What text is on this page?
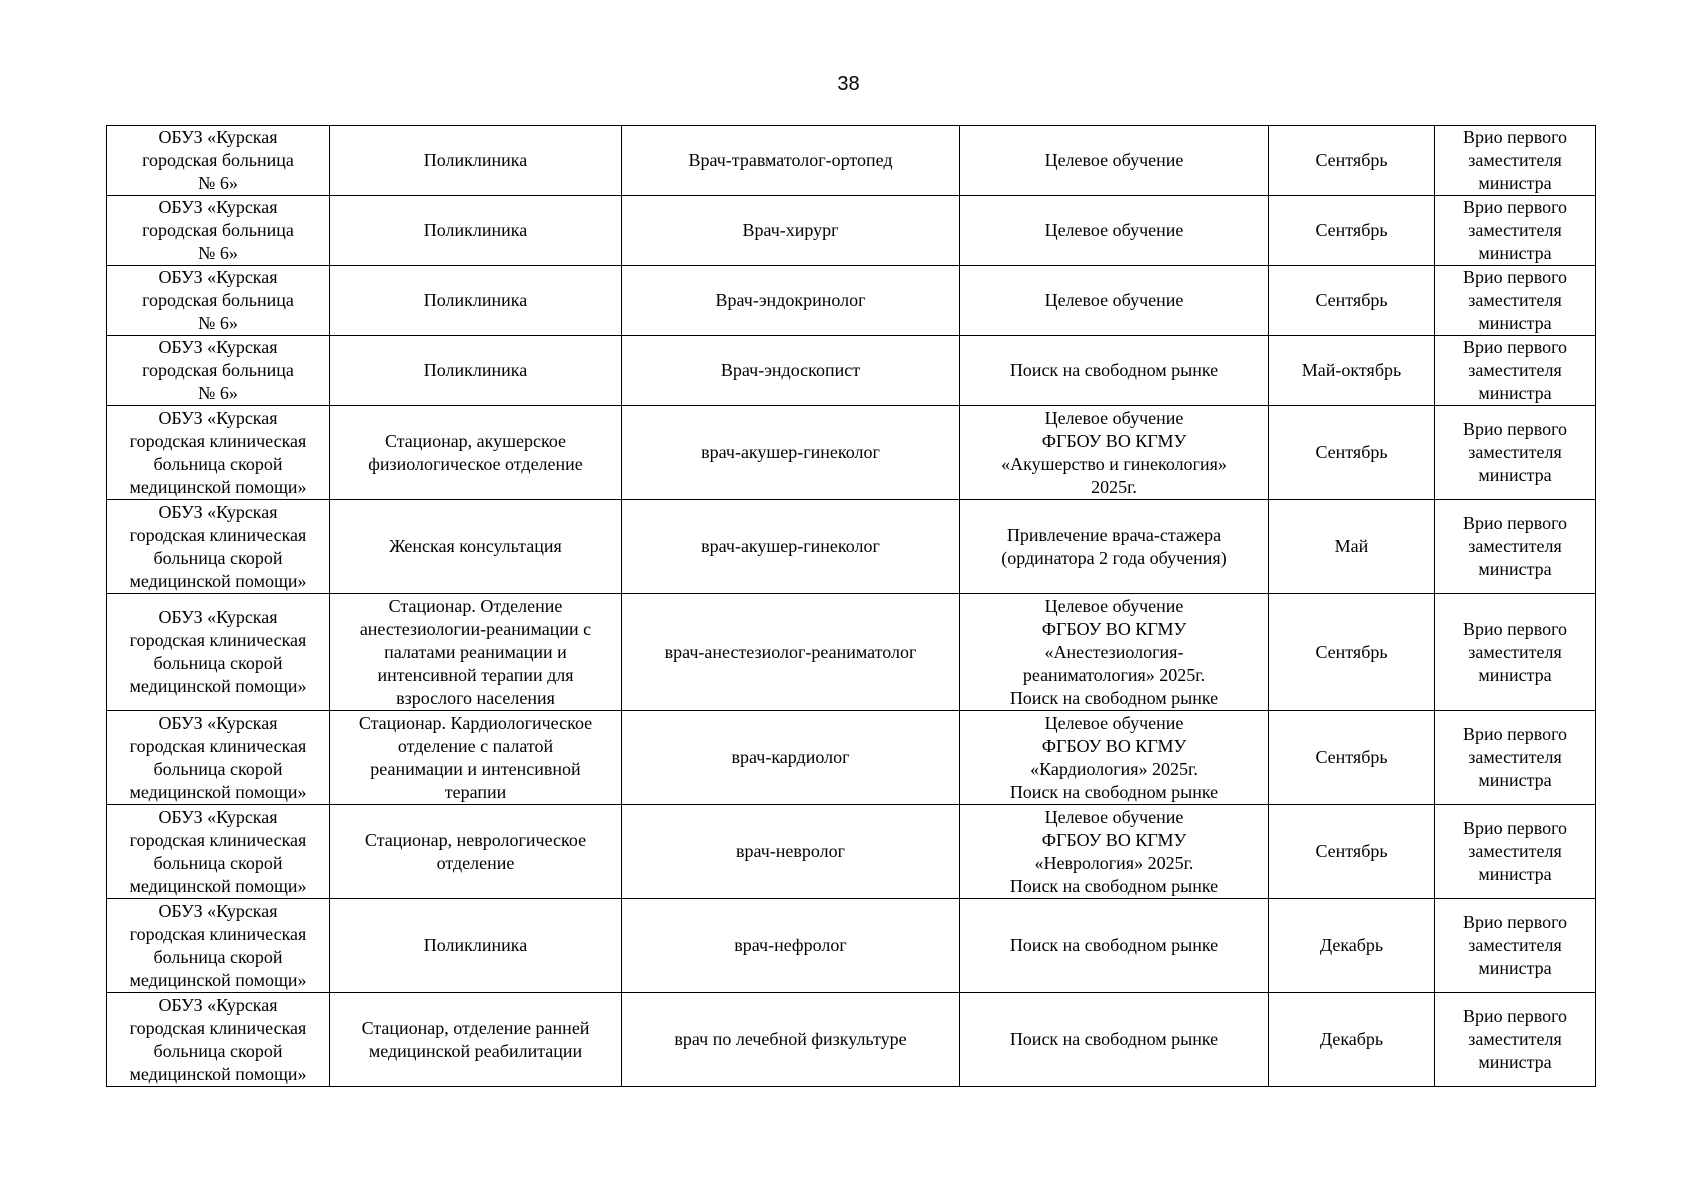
38
ОБУЗ «Курская
городская больница
№ 6»	Поликлиника	Врач-травматолог-ортопед	Целевое обучение	Сентябрь	Врио первого
заместителя
министра

ОБУЗ «Курская
городская больница
№ 6»	Поликлиника	Врач-хирург	Целевое обучение	Сентябрь	Врио первого
заместителя
министра

ОБУЗ «Курская
городская больница
№ 6»	Поликлиника	Врач-эндокринолог	Целевое обучение	Сентябрь	Врио первого
заместителя
министра

ОБУЗ «Курская
городская больница
№ 6»	Поликлиника	Врач-эндоскопист	Поиск на свободном рынке	Май-октябрь	Врио первого
заместителя
министра

ОБУЗ «Курская
городская клиническая
больница скорой
медицинской помощи»	Стационар, акушерское
физиологическое отделение	врач-акушер-гинеколог	Целевое обучение
ФГБОУ ВО КГМУ
«Акушерство и гинекология»
2025г.	Сентябрь	Врио первого
заместителя
министра

ОБУЗ «Курская
городская клиническая
больница скорой
медицинской помощи»	Женская консультация	врач-акушер-гинеколог	Привлечение врача-стажера
(ординатора 2 года обучения)	Май	Врио первого
заместителя
министра

ОБУЗ «Курская
городская клиническая
больница скорой
медицинской помощи»	Стационар. Отделение
анестезиологии-реанимации с
палатами реанимации и
интенсивной терапии для
взрослого населения	врач-анестезиолог-реаниматолог	Целевое обучение
ФГБОУ ВО КГМУ
«Анестезиология-
реаниматология» 2025г.
Поиск на свободном рынке	Сентябрь	Врио первого
заместителя
министра

ОБУЗ «Курская
городская клиническая
больница скорой
медицинской помощи»	Стационар. Кардиологическое
отделение с палатой
реанимации и интенсивной
терапии	врач-кардиолог	Целевое обучение
ФГБОУ ВО КГМУ
«Кардиология» 2025г.
Поиск на свободном рынке	Сентябрь	Врио первого
заместителя
министра

ОБУЗ «Курская
городская клиническая
больница скорой
медицинской помощи»	Стационар, неврологическое
отделение	врач-невролог	Целевое обучение
ФГБОУ ВО КГМУ
«Неврология» 2025г.
Поиск на свободном рынке	Сентябрь	Врио первого
заместителя
министра

ОБУЗ «Курская
городская клиническая
больница скорой
медицинской помощи»	Поликлиника	врач-нефролог	Поиск на свободном рынке	Декабрь	Врио первого
заместителя
министра

ОБУЗ «Курская
городская клиническая
больница скорой
медицинской помощи»	Стационар, отделение ранней
медицинской реабилитации	врач по лечебной физкультуре	Поиск на свободном рынке	Декабрь	Врио первого
заместителя
министра
